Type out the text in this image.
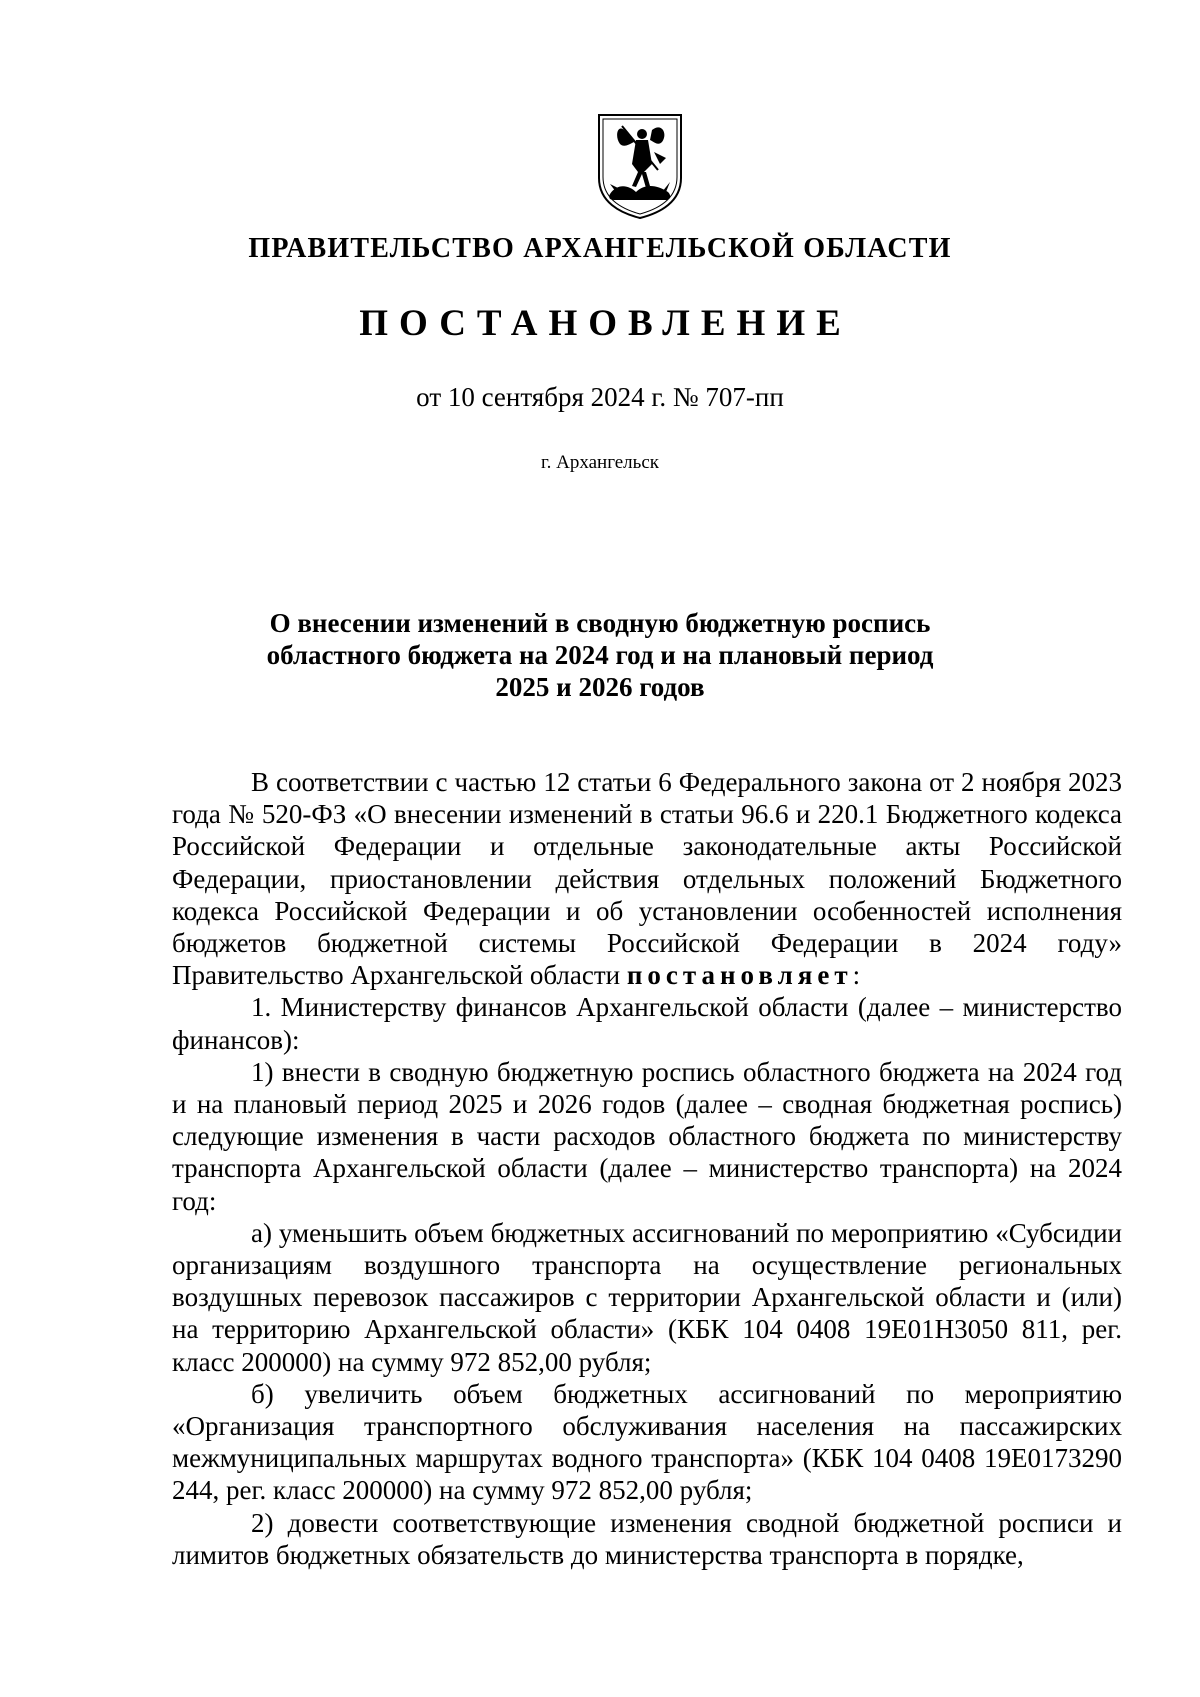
ПРАВИТЕЛЬСТВО АРХАНГЕЛЬСКОЙ ОБЛАСТИ
ПОСТАНОВЛЕНИЕ
от 10 сентября 2024 г. № 707-пп
г. Архангельск
О внесении изменений в сводную бюджетную роспись
областного бюджета на 2024 год и на плановый период
2025 и 2026 годов

В соответствии с частью 12 статьи 6 Федерального закона от 2 ноября 2023 года № 520-ФЗ «О внесении изменений в статьи 96.6 и 220.1 Бюджетного кодекса Российской Федерации и отдельные законодательные акты Российской Федерации, приостановлении действия отдельных положений Бюджетного кодекса Российской Федерации и об установлении особенностей исполнения бюджетов бюджетной системы Российской Федерации в 2024 году» Правительство Архангельской области постановляет:

1. Министерству финансов Архангельской области (далее – министерство финансов):

1) внести в сводную бюджетную роспись областного бюджета на 2024 год и на плановый период 2025 и 2026 годов (далее – сводная бюджетная роспись) следующие изменения в части расходов областного бюджета по министерству транспорта Архангельской области (далее – министерство транспорта) на 2024 год:

а) уменьшить объем бюджетных ассигнований по мероприятию «Субсидии организациям воздушного транспорта на осуществление региональных воздушных перевозок пассажиров с территории Архангельской области и (или) на территорию Архангельской области» (КБК 104 0408 19Е01Н3050 811, рег. класс 200000) на сумму 972 852,00 рубля;

б) увеличить объем бюджетных ассигнований по мероприятию «Организация транспортного обслуживания населения на пассажирских межмуниципальных маршрутах водного транспорта» (КБК 104 0408 19Е0173290 244, рег. класс 200000) на сумму 972 852,00 рубля;

2) довести соответствующие изменения сводной бюджетной росписи и лимитов бюджетных обязательств до министерства транспорта в порядке,
